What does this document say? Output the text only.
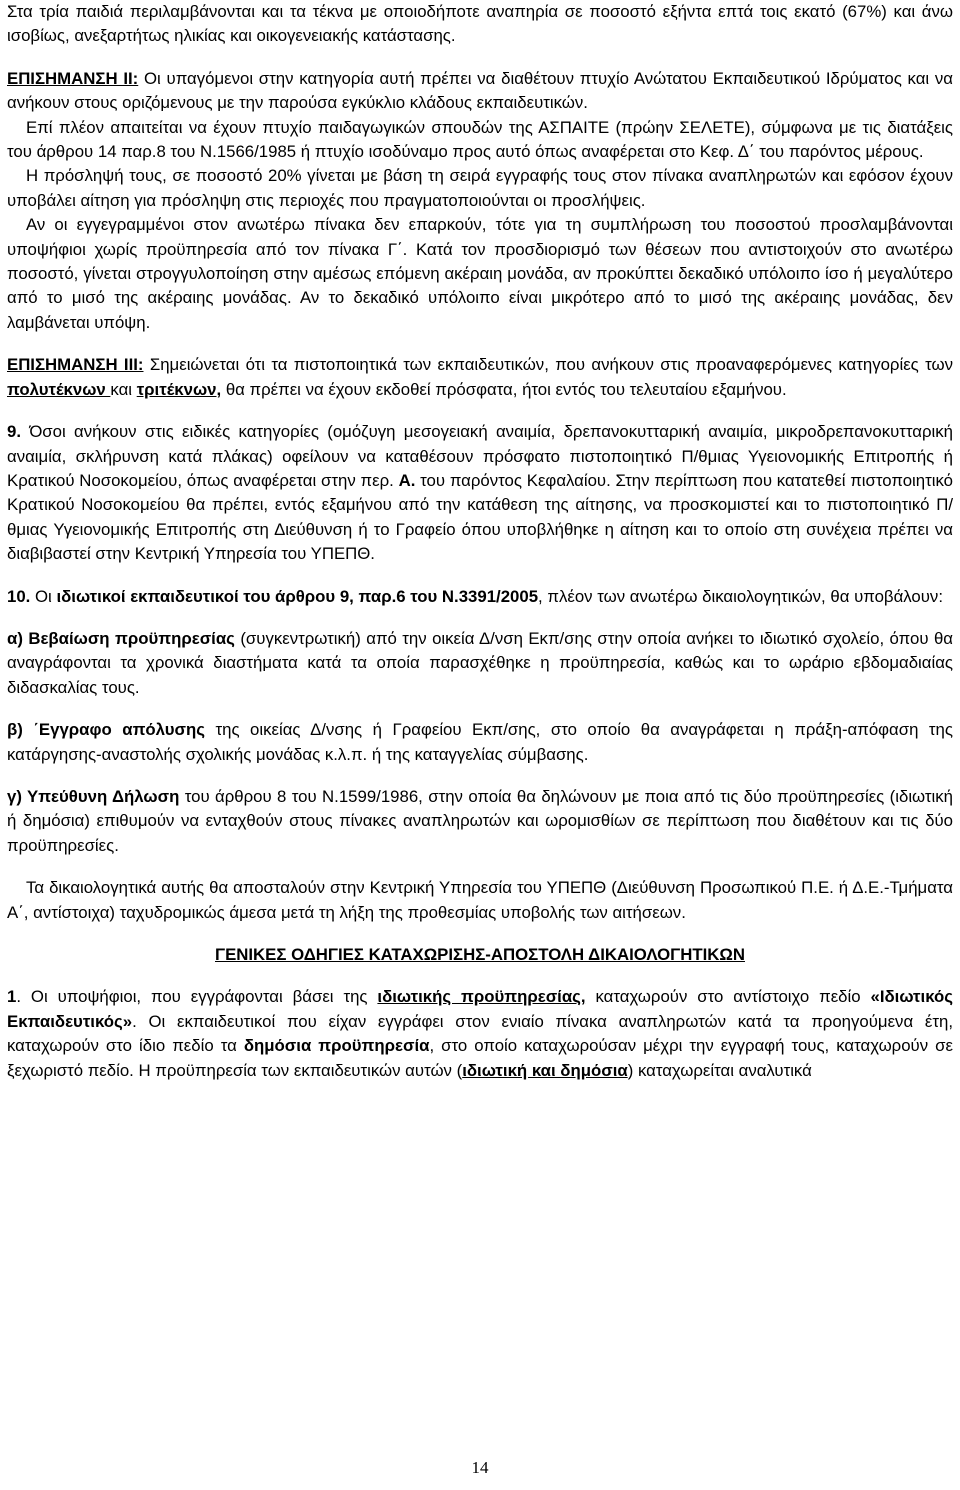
Στα τρία παιδιά περιλαμβάνονται και τα τέκνα με οποιοδήποτε αναπηρία σε ποσοστό εξήντα επτά τοις εκατό (67%) και άνω ισοβίως, ανεξαρτήτως ηλικίας και οικογενειακής κατάστασης.

ΕΠΙΣΗΜΑΝΣΗ ΙΙ: Οι υπαγόμενοι στην κατηγορία αυτή πρέπει να διαθέτουν πτυχίο Ανώτατου Εκπαιδευτικού Ιδρύματος και να ανήκουν στους οριζόμενους με την παρούσα εγκύκλιο κλάδους εκπαιδευτικών.

Επί πλέον απαιτείται να έχουν πτυχίο παιδαγωγικών σπουδών της ΑΣΠΑΙΤΕ (πρώην ΣΕΛΕΤΕ), σύμφωνα με τις διατάξεις του άρθρου 14 παρ.8 του Ν.1566/1985 ή πτυχίο ισοδύναμο προς αυτό όπως αναφέρεται στο Κεφ. Δ΄ του παρόντος μέρους.

Η πρόσληψή τους, σε ποσοστό 20% γίνεται με βάση τη σειρά εγγραφής τους στον πίνακα αναπληρωτών και εφόσον έχουν υποβάλει αίτηση για πρόσληψη στις περιοχές που πραγματοποιούνται οι προσλήψεις.

Αν οι εγγεγραμμένοι στον ανωτέρω πίνακα δεν επαρκούν, τότε για τη συμπλήρωση του ποσοστού προσλαμβάνονται υποψήφιοι χωρίς προϋπηρεσία από τον πίνακα Γ΄. Κατά τον προσδιορισμό των θέσεων που αντιστοιχούν στο ανωτέρω ποσοστό, γίνεται στρογγυλοποίηση στην αμέσως επόμενη ακέραιη μονάδα, αν προκύπτει δεκαδικό υπόλοιπο ίσο ή μεγαλύτερο από το μισό της ακέραιης μονάδας. Αν το δεκαδικό υπόλοιπο είναι μικρότερο από το μισό της ακέραιης μονάδας, δεν λαμβάνεται υπόψη.

ΕΠΙΣΗΜΑΝΣΗ ΙΙΙ: Σημειώνεται ότι τα πιστοποιητικά των εκπαιδευτικών, που ανήκουν στις προαναφερόμενες κατηγορίες των πολυτέκνων και τριτέκνων, θα πρέπει να έχουν εκδοθεί πρόσφατα, ήτοι εντός του τελευταίου εξαμήνου.

9. Όσοι ανήκουν στις ειδικές κατηγορίες (ομόζυγη μεσογειακή αναιμία, δρεπανοκυτταρική αναιμία, μικροδρεπανοκυτταρική αναιμία, σκλήρυνση κατά πλάκας) οφείλουν να καταθέσουν πρόσφατο πιστοποιητικό Π/θμιας Υγειονομικής Επιτροπής ή Κρατικού Νοσοκομείου, όπως αναφέρεται στην περ. Α. του παρόντος Κεφαλαίου. Στην περίπτωση που κατατεθεί πιστοποιητικό Κρατικού Νοσοκομείου θα πρέπει, εντός εξαμήνου από την κατάθεση της αίτησης, να προσκομιστεί και το πιστοποιητικό Π/θμιας Υγειονομικής Επιτροπής στη Διεύθυνση ή το Γραφείο όπου υποβλήθηκε η αίτηση και το οποίο στη συνέχεια πρέπει να διαβιβαστεί στην Κεντρική Υπηρεσία του ΥΠΕΠΘ.

10. Οι ιδιωτικοί εκπαιδευτικοί του άρθρου 9, παρ.6 του Ν.3391/2005, πλέον των ανωτέρω δικαιολογητικών, θα υποβάλουν:

α) Βεβαίωση προϋπηρεσίας (συγκεντρωτική) από την οικεία Δ/νση Εκπ/σης στην οποία ανήκει το ιδιωτικό σχολείο, όπου θα αναγράφονται τα χρονικά διαστήματα κατά τα οποία παρασχέθηκε η προϋπηρεσία, καθώς και το ωράριο εβδομαδιαίας διδασκαλίας τους.

β) ΄Εγγραφο απόλυσης της οικείας Δ/νσης ή Γραφείου Εκπ/σης, στο οποίο θα αναγράφεται η πράξη-απόφαση της κατάργησης-αναστολής σχολικής μονάδας κ.λ.π. ή της καταγγελίας σύμβασης.

γ) Υπεύθυνη Δήλωση του άρθρου 8 του Ν.1599/1986, στην οποία θα δηλώνουν με ποια από τις δύο προϋπηρεσίες (ιδιωτική ή δημόσια) επιθυμούν να ενταχθούν στους πίνακες αναπληρωτών και ωρομισθίων σε περίπτωση που διαθέτουν και τις δύο προϋπηρεσίες.

Τα δικαιολογητικά αυτής θα αποσταλούν στην Κεντρική Υπηρεσία του ΥΠΕΠΘ (Διεύθυνση Προσωπικού Π.Ε. ή Δ.Ε.-Τμήματα Α΄, αντίστοιχα) ταχυδρομικώς άμεσα μετά τη λήξη της προθεσμίας υποβολής των αιτήσεων.

ΓΕΝΙΚΕΣ ΟΔΗΓΙΕΣ ΚΑΤΑΧΩΡΙΣΗΣ-ΑΠΟΣΤΟΛΗ ΔΙΚΑΙΟΛΟΓΗΤΙΚΩΝ

1. Οι υποψήφιοι, που εγγράφονται βάσει της ιδιωτικής προϋπηρεσίας, καταχωρούν στο αντίστοιχο πεδίο «Ιδιωτικός Εκπαιδευτικός». Οι εκπαιδευτικοί που είχαν εγγράφει στον ενιαίο πίνακα αναπληρωτών κατά τα προηγούμενα έτη, καταχωρούν στο ίδιο πεδίο τα δημόσια προϋπηρεσία, στο οποίο καταχωρούσαν μέχρι την εγγραφή τους, καταχωρούν σε ξεχωριστό πεδίο. Η προϋπηρεσία των εκπαιδευτικών αυτών (ιδιωτική και δημόσια) καταχωρείται αναλυτικά

14
